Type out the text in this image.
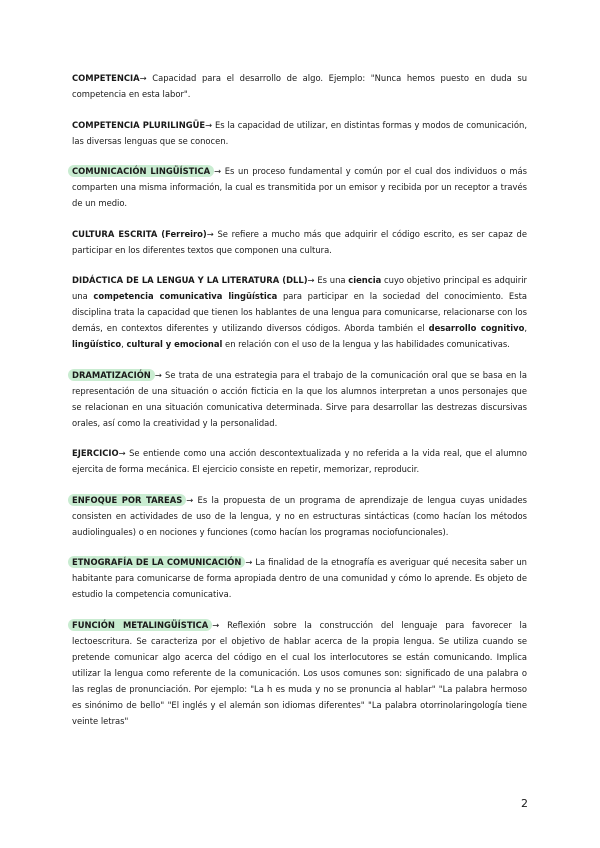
COMPETENCIA→ Capacidad para el desarrollo de algo. Ejemplo: "Nunca hemos puesto en duda su competencia en esta labor".

COMPETENCIA PLURILINGÜE→ Es la capacidad de utilizar, en distintas formas y modos de comunicación, las diversas lenguas que se conocen.

COMUNICACIÓN LINGÜÍSTICA → Es un proceso fundamental y común por el cual dos individuos o más comparten una misma información, la cual es transmitida por un emisor y recibida por un receptor a través de un medio.

CULTURA ESCRITA (Ferreiro)→ Se refiere a mucho más que adquirir el código escrito, es ser capaz de participar en los diferentes textos que componen una cultura.

DIDÁCTICA DE LA LENGUA Y LA LITERATURA (DLL)→ Es una ciencia cuyo objetivo principal es adquirir una competencia comunicativa lingüística para participar en la sociedad del conocimiento. Esta disciplina trata la capacidad que tienen los hablantes de una lengua para comunicarse, relacionarse con los demás, en contextos diferentes y utilizando diversos códigos. Aborda también el desarrollo cognitivo, lingüístico, cultural y emocional en relación con el uso de la lengua y las habilidades comunicativas.

DRAMATIZACIÓN → Se trata de una estrategia para el trabajo de la comunicación oral que se basa en la representación de una situación o acción ficticia en la que los alumnos interpretan a unos personajes que se relacionan en una situación comunicativa determinada. Sirve para desarrollar las destrezas discursivas orales, así como la creatividad y la personalidad.

EJERCICIO→ Se entiende como una acción descontextualizada y no referida a la vida real, que el alumno ejercita de forma mecánica. El ejercicio consiste en repetir, memorizar, reproducir.

ENFOQUE POR TAREAS → Es la propuesta de un programa de aprendizaje de lengua cuyas unidades consisten en actividades de uso de la lengua, y no en estructuras sintácticas (como hacían los métodos audiolinguales) o en nociones y funciones (como hacían los programas nociofuncionales).

ETNOGRAFÍA DE LA COMUNICACIÓN → La finalidad de la etnografía es averiguar qué necesita saber un habitante para comunicarse de forma apropiada dentro de una comunidad y cómo lo aprende. Es objeto de estudio la competencia comunicativa.

FUNCIÓN METALINGÜÍSTICA → Reflexión sobre la construcción del lenguaje para favorecer la lectoescritura. Se caracteriza por el objetivo de hablar acerca de la propia lengua. Se utiliza cuando se pretende comunicar algo acerca del código en el cual los interlocutores se están comunicando. Implica utilizar la lengua como referente de la comunicación. Los usos comunes son: significado de una palabra o las reglas de pronunciación. Por ejemplo: "La h es muda y no se pronuncia al hablar" "La palabra hermoso es sinónimo de bello" "El inglés y el alemán son idiomas diferentes" "La palabra otorrinolaringología tiene veinte letras"

2
